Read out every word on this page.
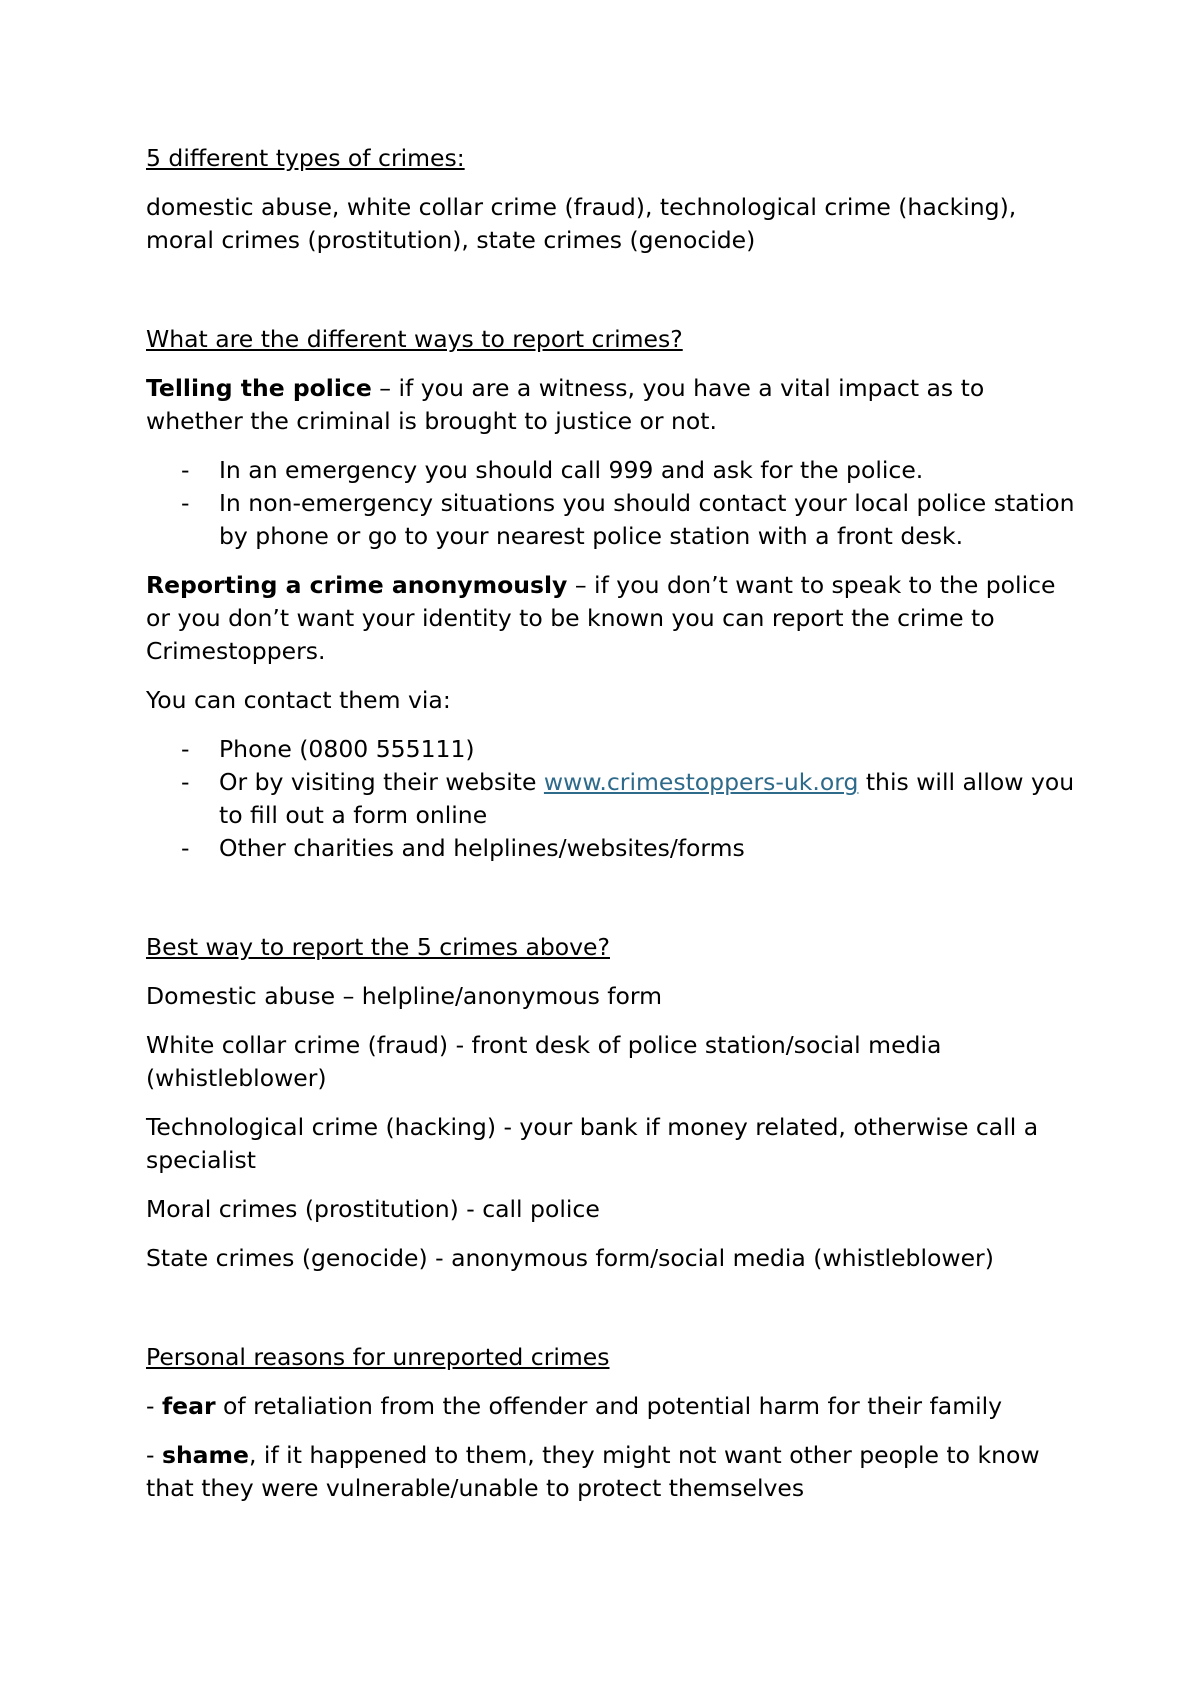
5 different types of crimes:
domestic abuse, white collar crime (fraud), technological crime (hacking), moral crimes (prostitution), state crimes (genocide)
What are the different ways to report crimes?
Telling the police – if you are a witness, you have a vital impact as to whether the criminal is brought to justice or not.
- In an emergency you should call 999 and ask for the police.
- In non-emergency situations you should contact your local police station by phone or go to your nearest police station with a front desk.
Reporting a crime anonymously – if you don’t want to speak to the police or you don’t want your identity to be known you can report the crime to Crimestoppers.
You can contact them via:
- Phone (0800 555111)
- Or by visiting their website www.crimestoppers-uk.org this will allow you to fill out a form online
- Other charities and helplines/websites/forms
Best way to report the 5 crimes above?
Domestic abuse – helpline/anonymous form
White collar crime (fraud) - front desk of police station/social media (whistleblower)
Technological crime (hacking) - your bank if money related, otherwise call a specialist
Moral crimes (prostitution) - call police
State crimes (genocide) - anonymous form/social media (whistleblower)
Personal reasons for unreported crimes
- fear of retaliation from the offender and potential harm for their family
- shame, if it happened to them, they might not want other people to know that they were vulnerable/unable to protect themselves
